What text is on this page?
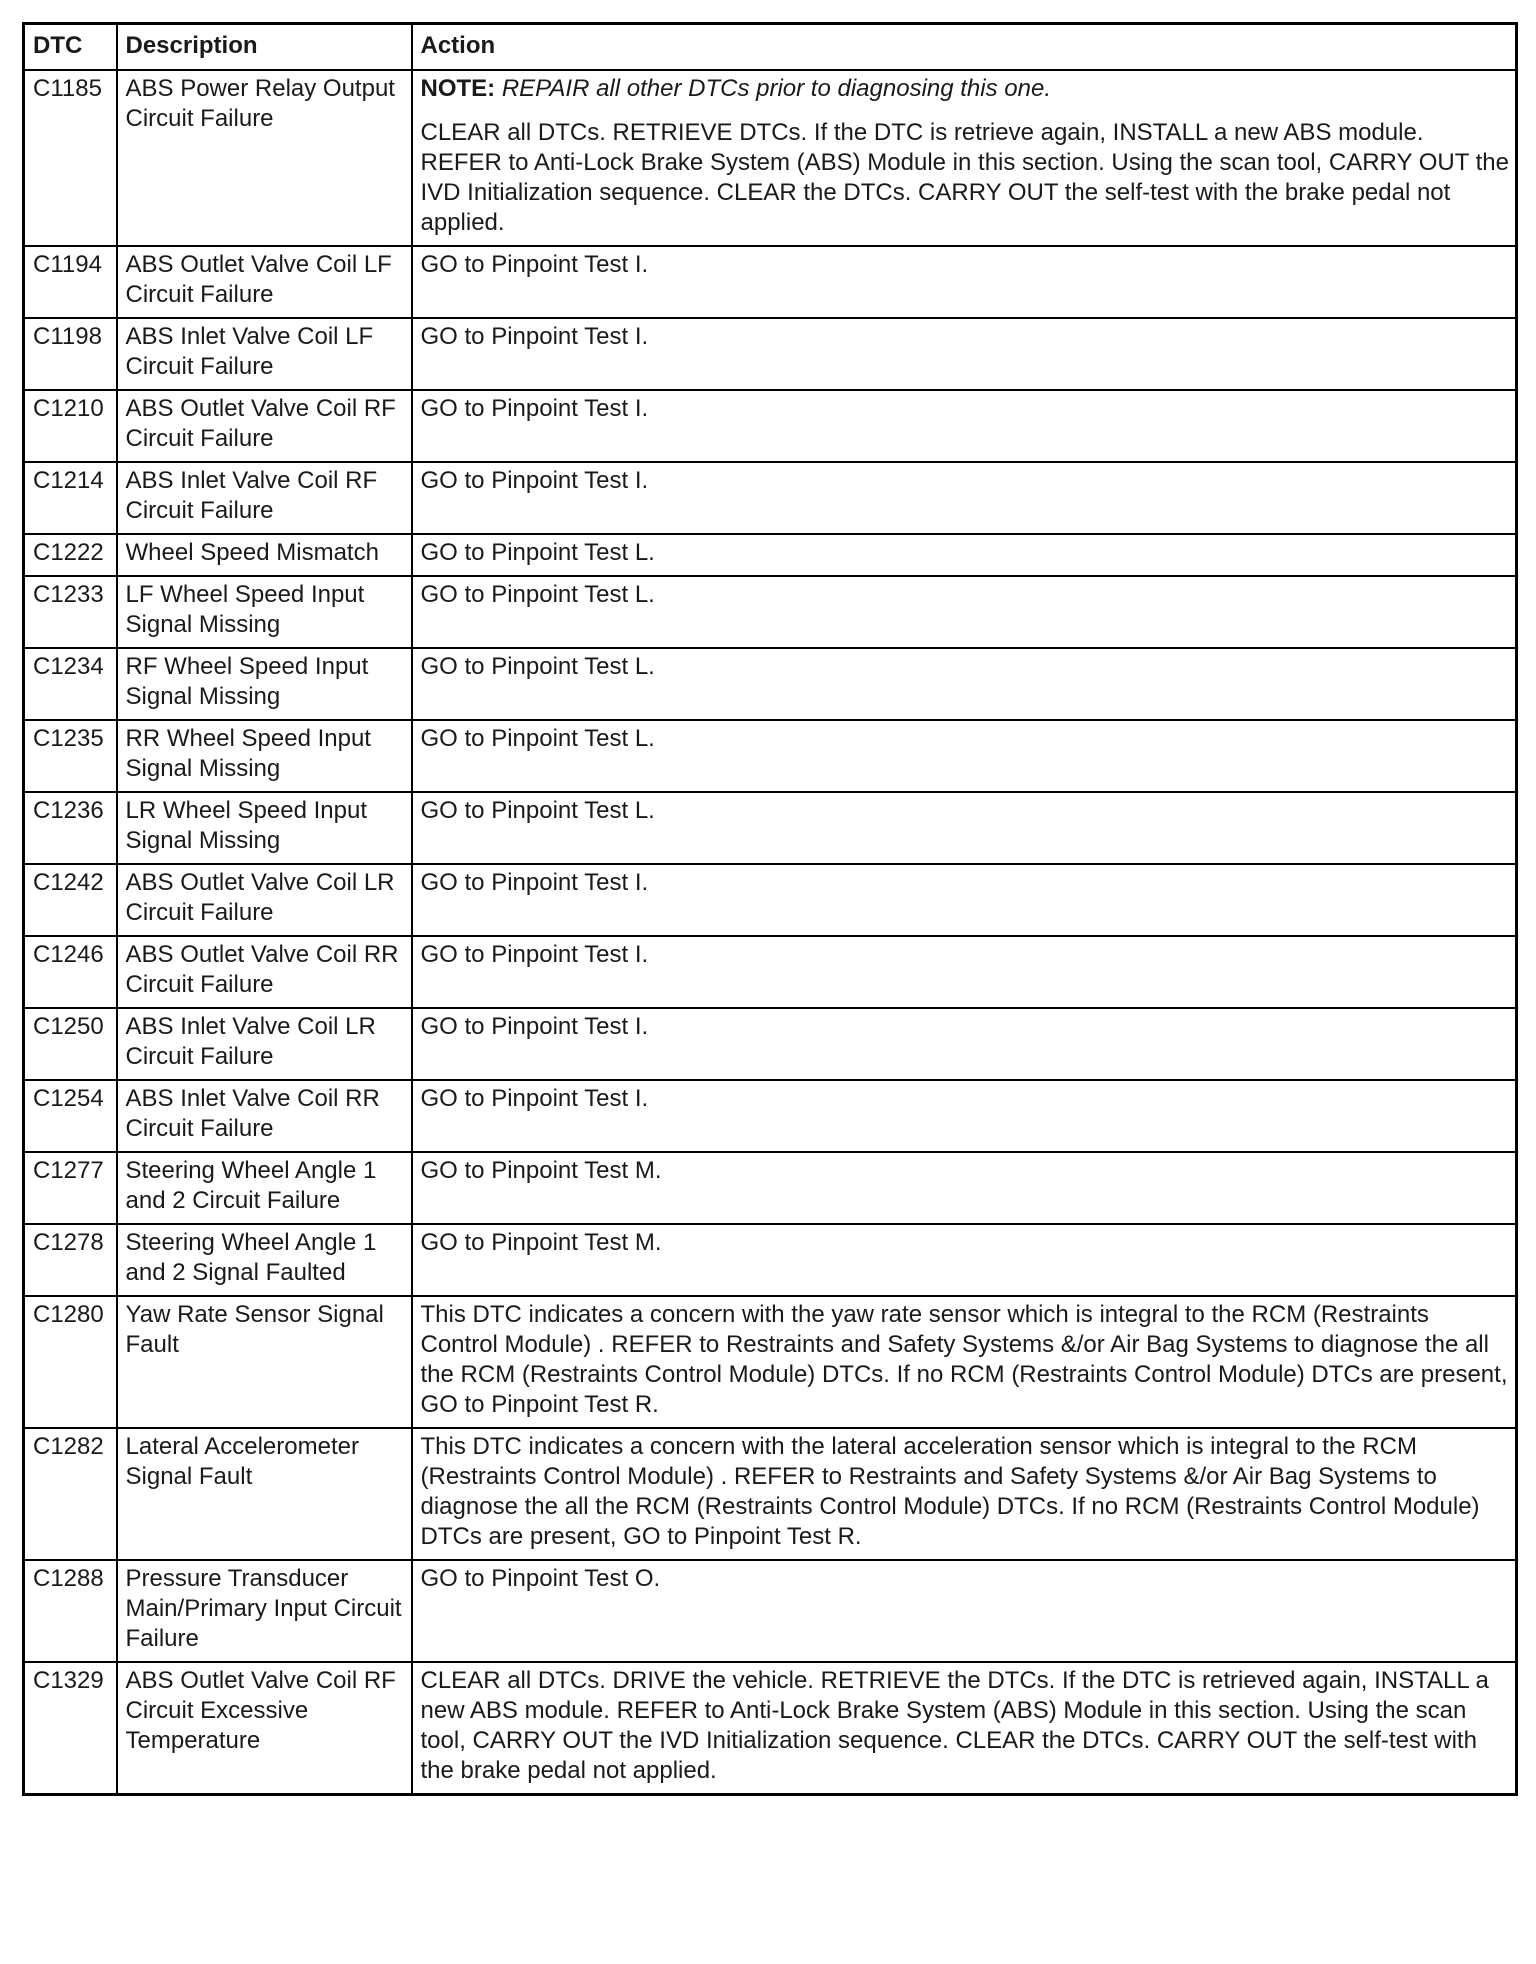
DTC	Description	Action
C1185	ABS Power Relay Output Circuit Failure	NOTE: REPAIR all other DTCs prior to diagnosing this one.

CLEAR all DTCs. RETRIEVE DTCs. If the DTC is retrieve again, INSTALL a new ABS module. REFER to Anti-Lock Brake System (ABS) Module in this section. Using the scan tool, CARRY OUT the IVD Initialization sequence. CLEAR the DTCs. CARRY OUT the self-test with the brake pedal not applied.

C1194	ABS Outlet Valve Coil LF Circuit Failure	GO to Pinpoint Test I.

C1198	ABS Inlet Valve Coil LF Circuit Failure	GO to Pinpoint Test I.

C1210	ABS Outlet Valve Coil RF Circuit Failure	GO to Pinpoint Test I.

C1214	ABS Inlet Valve Coil RF Circuit Failure	GO to Pinpoint Test I.

C1222	Wheel Speed Mismatch	GO to Pinpoint Test L.

C1233	LF Wheel Speed Input Signal Missing	GO to Pinpoint Test L.

C1234	RF Wheel Speed Input Signal Missing	GO to Pinpoint Test L.

C1235	RR Wheel Speed Input Signal Missing	GO to Pinpoint Test L.

C1236	LR Wheel Speed Input Signal Missing	GO to Pinpoint Test L.

C1242	ABS Outlet Valve Coil LR Circuit Failure	GO to Pinpoint Test I.

C1246	ABS Outlet Valve Coil RR Circuit Failure	GO to Pinpoint Test I.

C1250	ABS Inlet Valve Coil LR Circuit Failure	GO to Pinpoint Test I.

C1254	ABS Inlet Valve Coil RR Circuit Failure	GO to Pinpoint Test I.

C1277	Steering Wheel Angle 1 and 2 Circuit Failure	GO to Pinpoint Test M.

C1278	Steering Wheel Angle 1 and 2 Signal Faulted	GO to Pinpoint Test M.

C1280	Yaw Rate Sensor Signal Fault	This DTC indicates a concern with the yaw rate sensor which is integral to the RCM (Restraints Control Module) . REFER to Restraints and Safety Systems &/or Air Bag Systems to diagnose the all the RCM (Restraints Control Module) DTCs. If no RCM (Restraints Control Module) DTCs are present, GO to Pinpoint Test R.

C1282	Lateral Accelerometer Signal Fault	This DTC indicates a concern with the lateral acceleration sensor which is integral to the RCM (Restraints Control Module) . REFER to Restraints and Safety Systems &/or Air Bag Systems to diagnose the all the RCM (Restraints Control Module) DTCs. If no RCM (Restraints Control Module) DTCs are present, GO to Pinpoint Test R.

C1288	Pressure Transducer Main/Primary Input Circuit Failure	GO to Pinpoint Test O.

C1329	ABS Outlet Valve Coil RF Circuit Excessive Temperature	CLEAR all DTCs. DRIVE the vehicle. RETRIEVE the DTCs. If the DTC is retrieved again, INSTALL a new ABS module. REFER to Anti-Lock Brake System (ABS) Module in this section. Using the scan tool, CARRY OUT the IVD Initialization sequence. CLEAR the DTCs. CARRY OUT the self-test with the brake pedal not applied.
